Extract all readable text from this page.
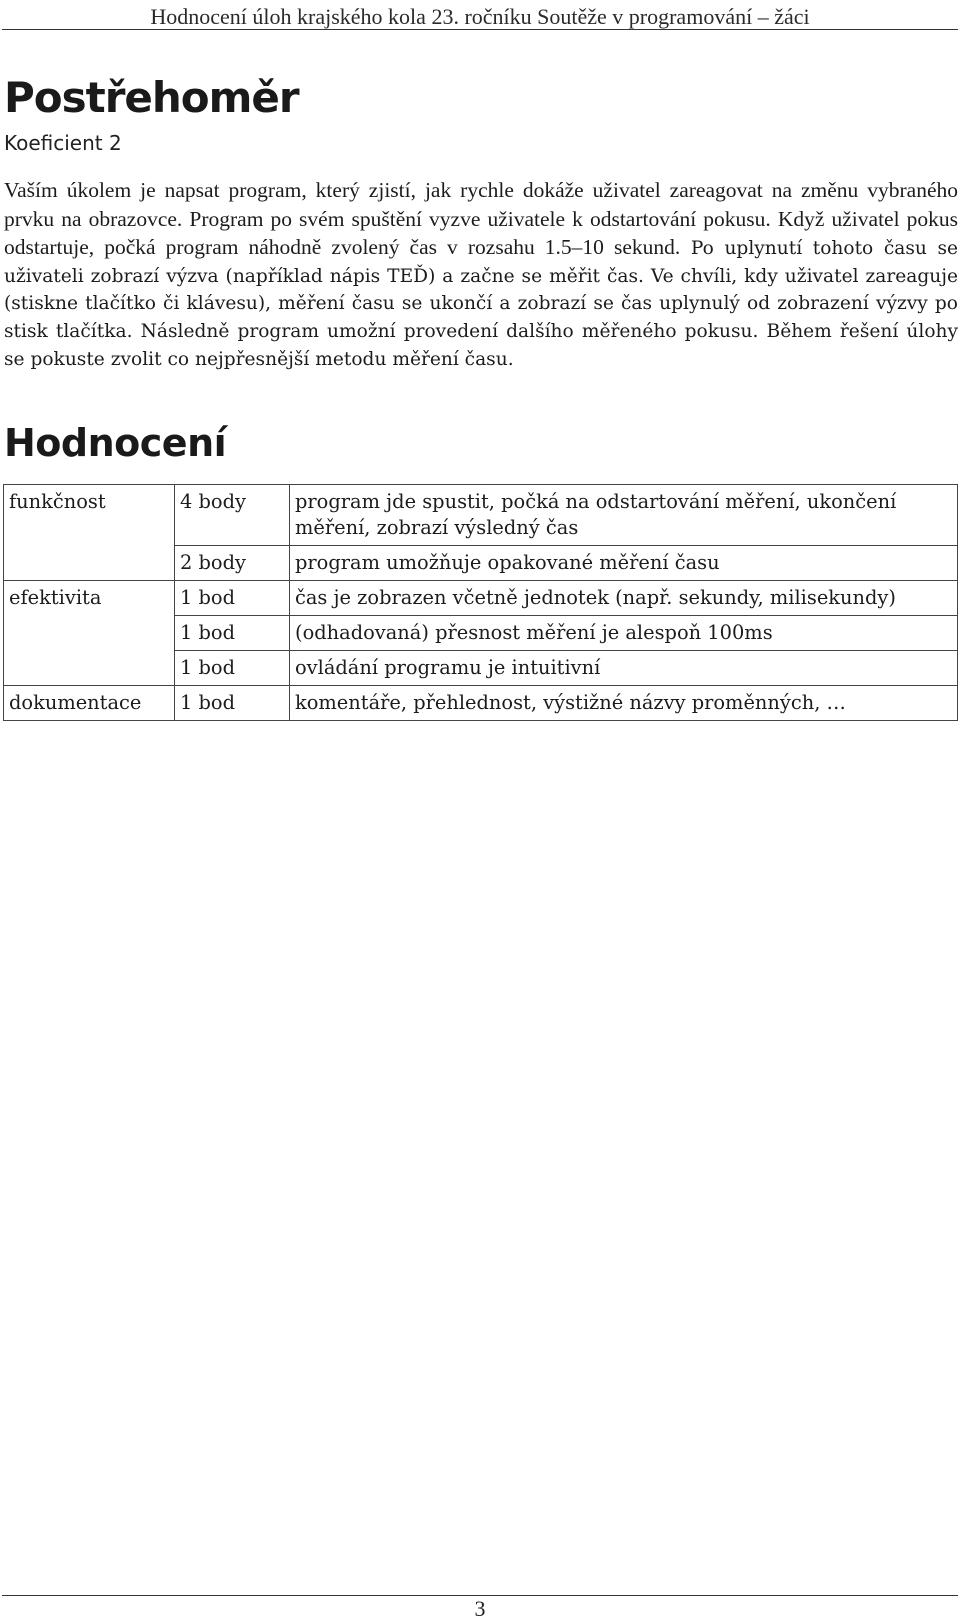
Hodnocení úloh krajského kola 23. ročníku Soutěže v programování – žáci
Postřehoměr
Koeficient 2
Vaším úkolem je napsat program, který zjistí, jak rychle dokáže uživatel zareagovat na změnu vybraného prvku na obrazovce. Program po svém spuštění vyzve uživatele k odstartování pokusu. Když uživatel pokus odstartuje, počká program náhodně zvolený čas v rozsahu 1.5–10 sekund. Po uplynutí tohoto času se uživateli zobrazí výzva (například nápis TEĎ) a začne se měřit čas. Ve chvíli, kdy uživatel zareaguje (stiskne tlačítko či klávesu), měření času se ukončí a zobrazí se čas uplynulý od zobrazení výzvy po stisk tlačítka. Následně program umožní provedení dalšího měřeného pokusu. Během řešení úlohy se pokuste zvolit co nejpřesnější metodu měření času.
Hodnocení
funkčnost	4 body	program jde spustit, počká na odstartování měření, ukončení měření, zobrazí výsledný čas
	2 body	program umožňuje opakované měření času
efektivita	1 bod	čas je zobrazen včetně jednotek (např. sekundy, milisekundy)
	1 bod	(odhadovaná) přesnost měření je alespoň 100ms
	1 bod	ovládání programu je intuitivní
dokumentace	1 bod	komentáře, přehlednost, výstižné názvy proměnných, …
3
